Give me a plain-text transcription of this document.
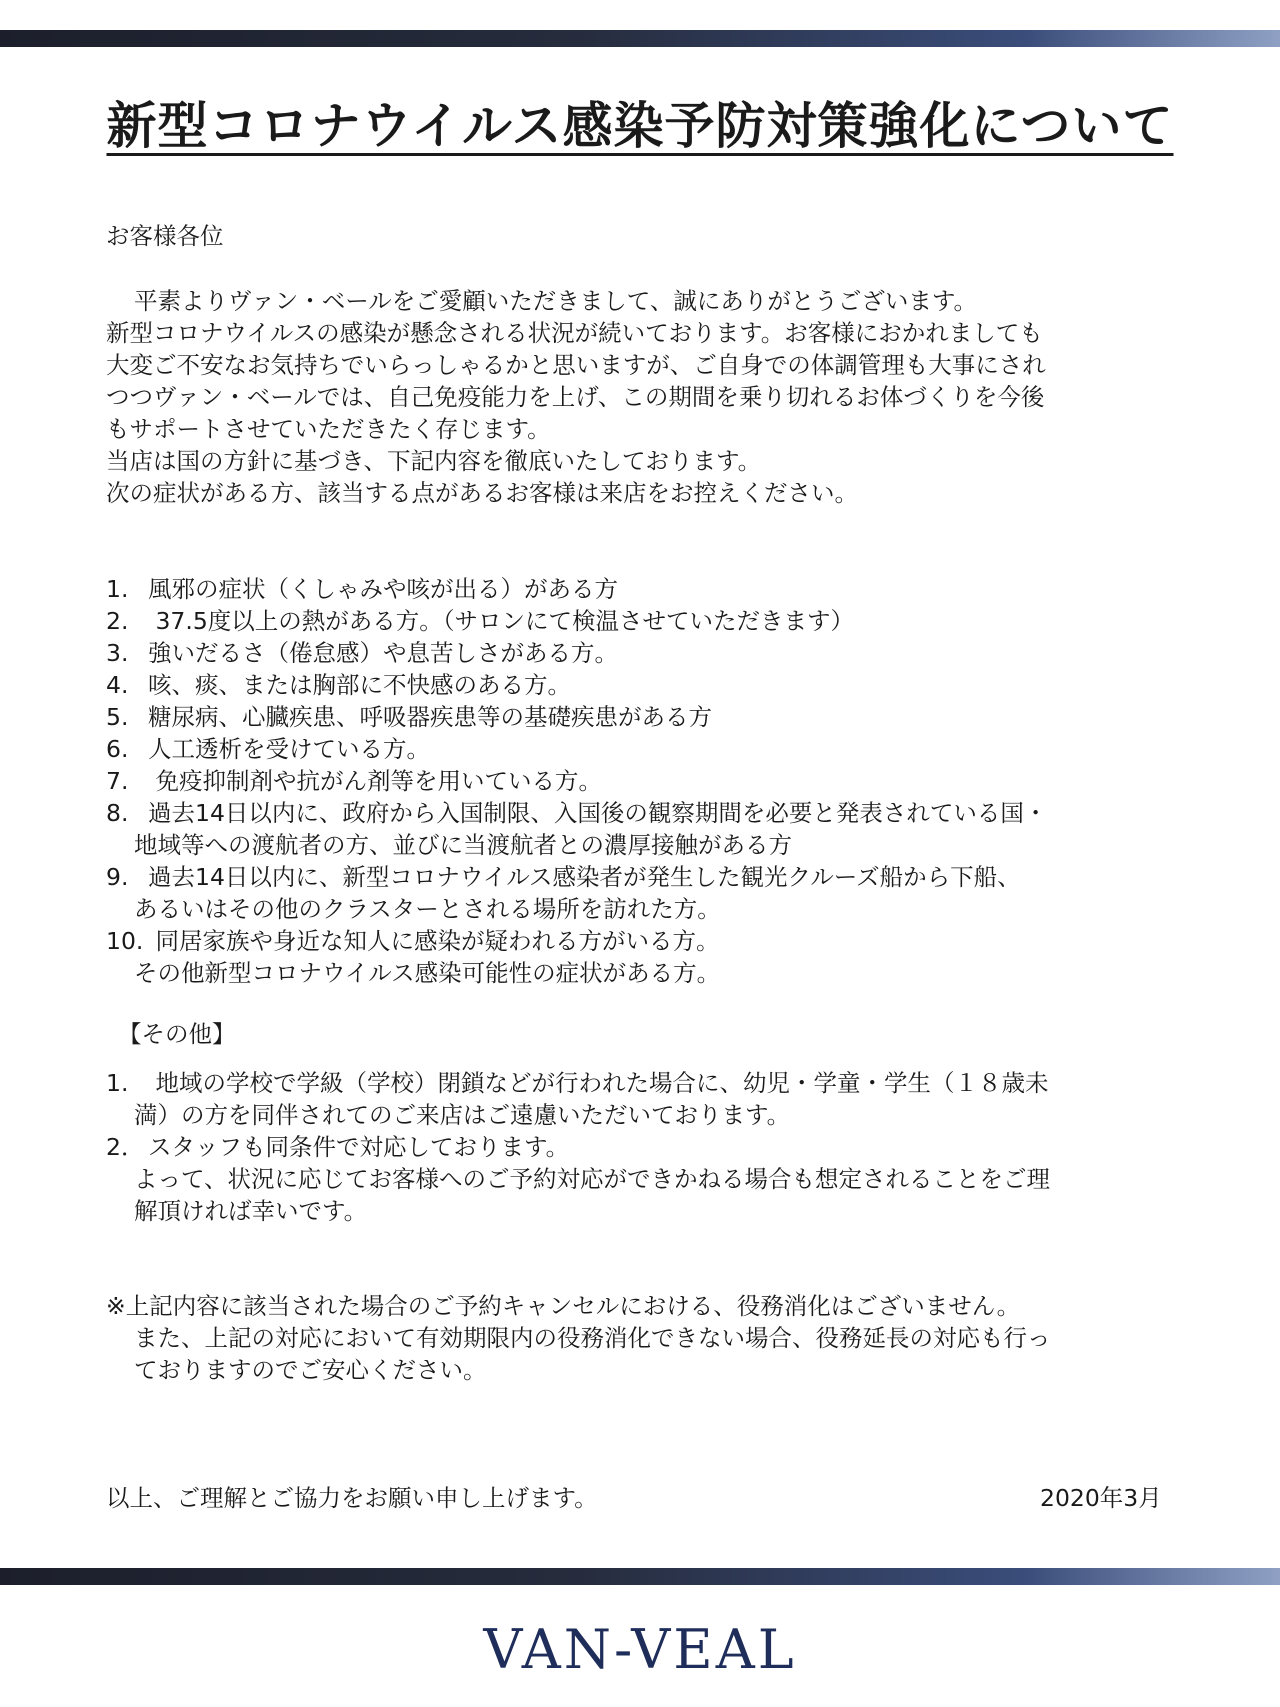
新型コロナウイルス感染予防対策強化について

お客様各位

平素よりヴァン・ベールをご愛顧いただきまして、誠にありがとうございます。
新型コロナウイルスの感染が懸念される状況が続いております。お客様におかれましても
大変ご不安なお気持ちでいらっしゃるかと思いますが、ご自身での体調管理も大事にされ
つつヴァン・ベールでは、自己免疫能力を上げ、この期間を乗り切れるお体づくりを今後
もサポートさせていただきたく存じます。
当店は国の方針に基づき、下記内容を徹底いたしております。
次の症状がある方、該当する点があるお客様は来店をお控えください。
1. 風邪の症状（くしゃみや咳が出る）がある方
2. 37.5度以上の熱がある方。（サロンにて検温させていただきます）
3. 強いだるさ（倦怠感）や息苦しさがある方。
4. 咳、痰、または胸部に不快感のある方。
5. 糖尿病、心臓疾患、呼吸器疾患等の基礎疾患がある方
6. 人工透析を受けている方。
7. 免疫抑制剤や抗がん剤等を用いている方。
8. 過去14日以内に、政府から入国制限、入国後の観察期間を必要と発表されている国・
地域等への渡航者の方、並びに当渡航者との濃厚接触がある方
9. 過去14日以内に、新型コロナウイルス感染者が発生した観光クルーズ船から下船、
あるいはその他のクラスターとされる場所を訪れた方。
10. 同居家族や身近な知人に感染が疑われる方がいる方。
その他新型コロナウイルス感染可能性の症状がある方。

【その他】

1. 地域の学校で学級（学校）閉鎖などが行われた場合に、幼児・学童・学生（１８歳未
満）の方を同伴されてのご来店はご遠慮いただいております。
2． スタッフも同条件で対応しております。
よって、状況に応じてお客様へのご予約対応ができかねる場合も想定されることをご理
解頂ければ幸いです。
※上記内容に該当された場合のご予約キャンセルにおける、役務消化はございません。
また、上記の対応において有効期限内の役務消化できない場合、役務延長の対応も行っ
ておりますのでご安心ください。

以上、ご理解とご協力をお願い申し上げます。	2020年3月

VAN-VEAL
